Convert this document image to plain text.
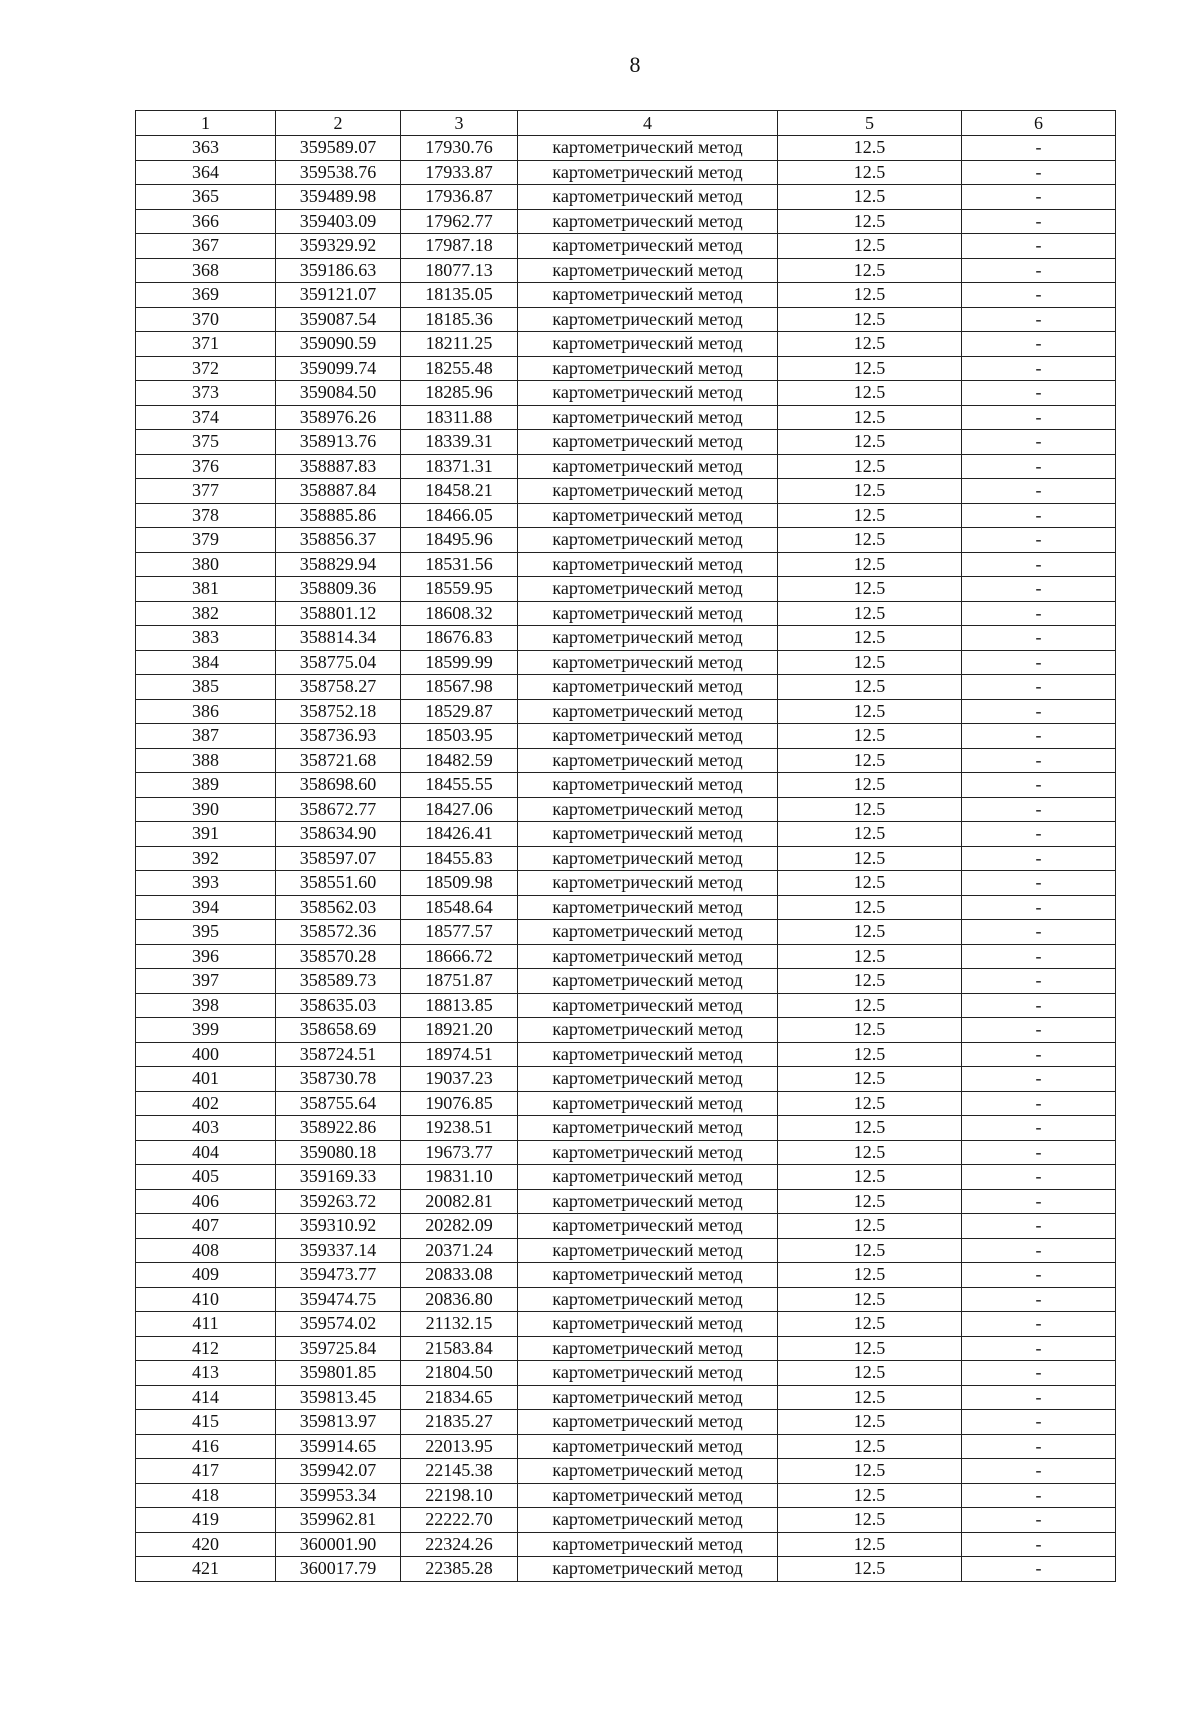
8
1	2	3	4	5	6
363	359589.07	17930.76	картометрический метод	12.5	-
364	359538.76	17933.87	картометрический метод	12.5	-
365	359489.98	17936.87	картометрический метод	12.5	-
366	359403.09	17962.77	картометрический метод	12.5	-
367	359329.92	17987.18	картометрический метод	12.5	-
368	359186.63	18077.13	картометрический метод	12.5	-
369	359121.07	18135.05	картометрический метод	12.5	-
370	359087.54	18185.36	картометрический метод	12.5	-
371	359090.59	18211.25	картометрический метод	12.5	-
372	359099.74	18255.48	картометрический метод	12.5	-
373	359084.50	18285.96	картометрический метод	12.5	-
374	358976.26	18311.88	картометрический метод	12.5	-
375	358913.76	18339.31	картометрический метод	12.5	-
376	358887.83	18371.31	картометрический метод	12.5	-
377	358887.84	18458.21	картометрический метод	12.5	-
378	358885.86	18466.05	картометрический метод	12.5	-
379	358856.37	18495.96	картометрический метод	12.5	-
380	358829.94	18531.56	картометрический метод	12.5	-
381	358809.36	18559.95	картометрический метод	12.5	-
382	358801.12	18608.32	картометрический метод	12.5	-
383	358814.34	18676.83	картометрический метод	12.5	-
384	358775.04	18599.99	картометрический метод	12.5	-
385	358758.27	18567.98	картометрический метод	12.5	-
386	358752.18	18529.87	картометрический метод	12.5	-
387	358736.93	18503.95	картометрический метод	12.5	-
388	358721.68	18482.59	картометрический метод	12.5	-
389	358698.60	18455.55	картометрический метод	12.5	-
390	358672.77	18427.06	картометрический метод	12.5	-
391	358634.90	18426.41	картометрический метод	12.5	-
392	358597.07	18455.83	картометрический метод	12.5	-
393	358551.60	18509.98	картометрический метод	12.5	-
394	358562.03	18548.64	картометрический метод	12.5	-
395	358572.36	18577.57	картометрический метод	12.5	-
396	358570.28	18666.72	картометрический метод	12.5	-
397	358589.73	18751.87	картометрический метод	12.5	-
398	358635.03	18813.85	картометрический метод	12.5	-
399	358658.69	18921.20	картометрический метод	12.5	-
400	358724.51	18974.51	картометрический метод	12.5	-
401	358730.78	19037.23	картометрический метод	12.5	-
402	358755.64	19076.85	картометрический метод	12.5	-
403	358922.86	19238.51	картометрический метод	12.5	-
404	359080.18	19673.77	картометрический метод	12.5	-
405	359169.33	19831.10	картометрический метод	12.5	-
406	359263.72	20082.81	картометрический метод	12.5	-
407	359310.92	20282.09	картометрический метод	12.5	-
408	359337.14	20371.24	картометрический метод	12.5	-
409	359473.77	20833.08	картометрический метод	12.5	-
410	359474.75	20836.80	картометрический метод	12.5	-
411	359574.02	21132.15	картометрический метод	12.5	-
412	359725.84	21583.84	картометрический метод	12.5	-
413	359801.85	21804.50	картометрический метод	12.5	-
414	359813.45	21834.65	картометрический метод	12.5	-
415	359813.97	21835.27	картометрический метод	12.5	-
416	359914.65	22013.95	картометрический метод	12.5	-
417	359942.07	22145.38	картометрический метод	12.5	-
418	359953.34	22198.10	картометрический метод	12.5	-
419	359962.81	22222.70	картометрический метод	12.5	-
420	360001.90	22324.26	картометрический метод	12.5	-
421	360017.79	22385.28	картометрический метод	12.5	-
